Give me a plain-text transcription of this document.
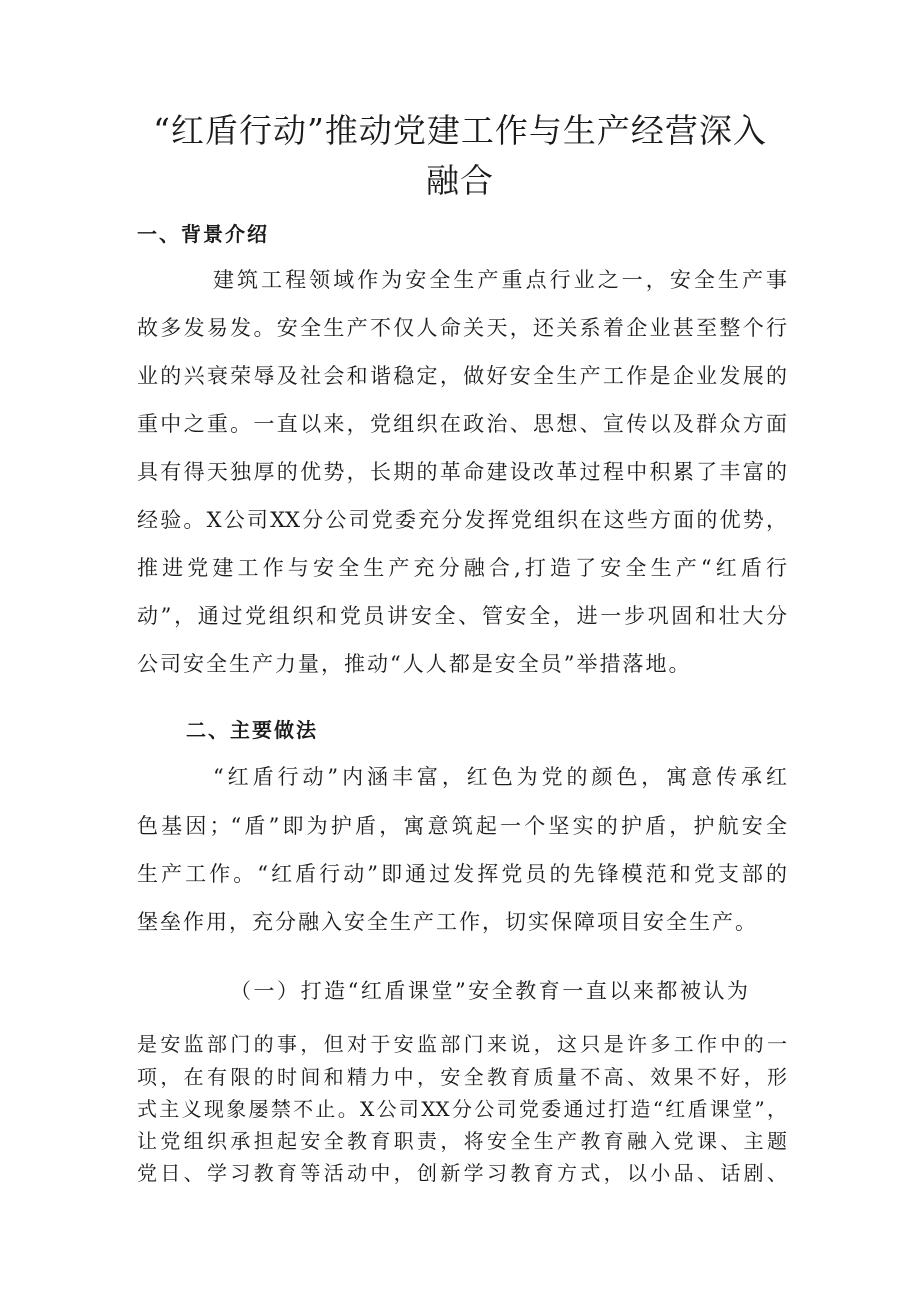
“红盾行动”推动党建工作与生产经营深入
融合
一、背景介绍
建筑工程领域作为安全生产重点行业之一，安全生产事
故多发易发。安全生产不仅人命关天，还关系着企业甚至整个行
业的兴衰荣辱及社会和谐稳定，做好安全生产工作是企业发展的
重中之重。一直以来，党组织在政治、思想、宣传以及群众方面
具有得天独厚的优势，长期的革命建设改革过程中积累了丰富的
经验。X公司XX分公司党委充分发挥党组织在这些方面的优势，
推进党建工作与安全生产充分融合,打造了安全生产“红盾行
动”，通过党组织和党员讲安全、管安全，进一步巩固和壮大分
公司安全生产力量，推动“人人都是安全员”举措落地。
二、主要做法
“红盾行动”内涵丰富，红色为党的颜色，寓意传承红
色基因；“盾”即为护盾，寓意筑起一个坚实的护盾，护航安全
生产工作。“红盾行动”即通过发挥党员的先锋模范和党支部的
堡垒作用，充分融入安全生产工作，切实保障项目安全生产。
（一）打造“红盾课堂”安全教育一直以来都被认为
是安监部门的事，但对于安监部门来说，这只是许多工作中的一
项，在有限的时间和精力中，安全教育质量不高、效果不好，形
式主义现象屡禁不止。X公司XX分公司党委通过打造“红盾课堂”，
让党组织承担起安全教育职责，将安全生产教育融入党课、主题
党日、学习教育等活动中，创新学习教育方式，以小品、话剧、
